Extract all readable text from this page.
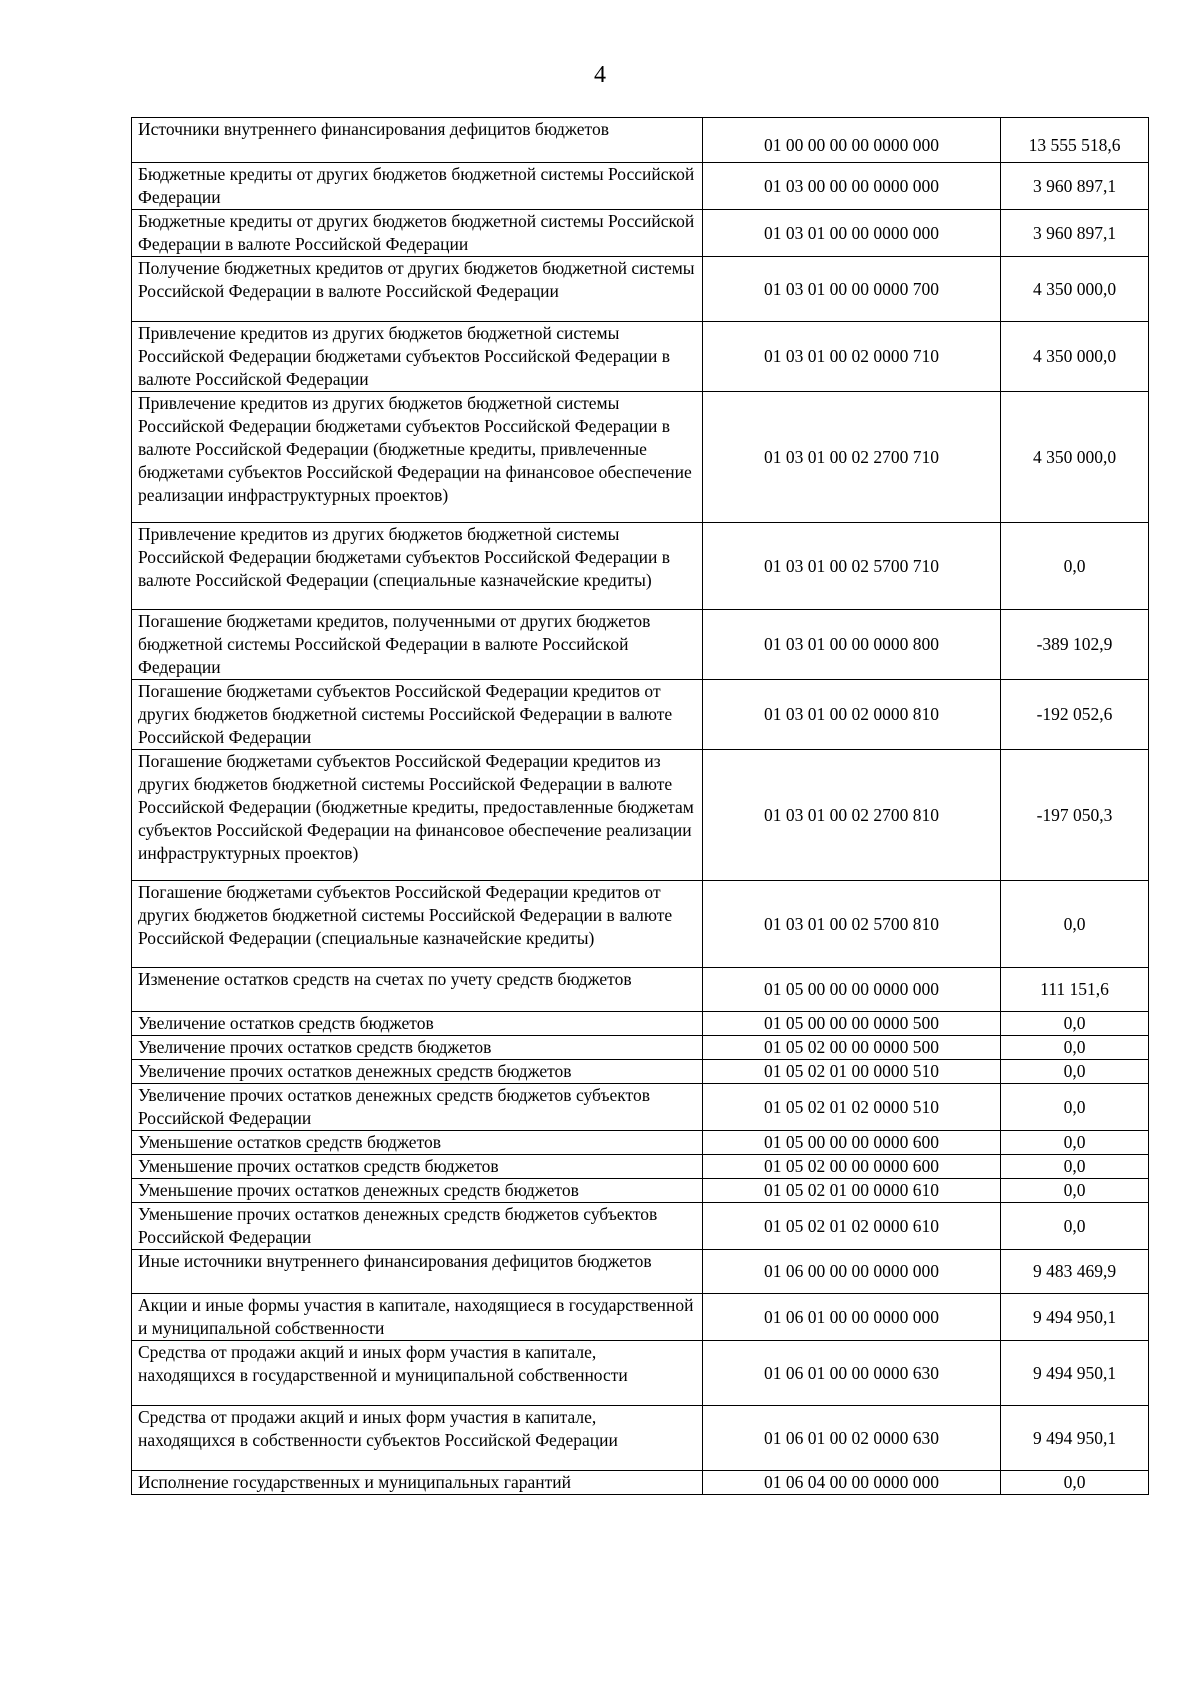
4
Источники внутреннего финансирования дефицитов бюджетов	01 00 00 00 00 0000 000	13 555 518,6
Бюджетные кредиты от других бюджетов бюджетной системы Российской Федерации	01 03 00 00 00 0000 000	3 960 897,1
Бюджетные кредиты от других бюджетов бюджетной системы Российской Федерации в валюте Российской Федерации	01 03 01 00 00 0000 000	3 960 897,1
Получение бюджетных кредитов от других бюджетов бюджетной системы Российской Федерации в валюте Российской Федерации	01 03 01 00 00 0000 700	4 350 000,0
Привлечение кредитов из других бюджетов бюджетной системы Российской Федерации бюджетами субъектов Российской Федерации в валюте Российской Федерации	01 03 01 00 02 0000 710	4 350 000,0
Привлечение кредитов из других бюджетов бюджетной системы Российской Федерации бюджетами субъектов Российской Федерации в валюте Российской Федерации (бюджетные кредиты, привлеченные бюджетами субъектов Российской Федерации на финансовое обеспечение реализации инфраструктурных проектов)	01 03 01 00 02 2700 710	4 350 000,0
Привлечение кредитов из других бюджетов бюджетной системы Российской Федерации бюджетами субъектов Российской Федерации в валюте Российской Федерации (специальные казначейские кредиты)	01 03 01 00 02 5700 710	0,0
Погашение бюджетами кредитов, полученными от других бюджетов бюджетной системы Российской Федерации в валюте Российской Федерации	01 03 01 00 00 0000 800	-389 102,9
Погашение бюджетами субъектов Российской Федерации кредитов от других бюджетов бюджетной системы Российской Федерации в валюте Российской Федерации	01 03 01 00 02 0000 810	-192 052,6
Погашение бюджетами субъектов Российской Федерации кредитов из других бюджетов бюджетной системы Российской Федерации в валюте Российской Федерации (бюджетные кредиты, предоставленные бюджетам субъектов Российской Федерации на финансовое обеспечение реализации инфраструктурных проектов)	01 03 01 00 02 2700 810	-197 050,3
Погашение бюджетами субъектов Российской Федерации кредитов от других бюджетов бюджетной системы Российской Федерации в валюте Российской Федерации (специальные казначейские кредиты)	01 03 01 00 02 5700 810	0,0
Изменение остатков средств на счетах по учету средств бюджетов	01 05 00 00 00 0000 000	111 151,6
Увеличение остатков средств бюджетов	01 05 00 00 00 0000 500	0,0
Увеличение прочих остатков средств бюджетов	01 05 02 00 00 0000 500	0,0
Увеличение прочих остатков денежных средств бюджетов	01 05 02 01 00 0000 510	0,0
Увеличение прочих остатков денежных средств бюджетов субъектов Российской Федерации	01 05 02 01 02 0000 510	0,0
Уменьшение остатков средств бюджетов	01 05 00 00 00 0000 600	0,0
Уменьшение прочих остатков средств бюджетов	01 05 02 00 00 0000 600	0,0
Уменьшение прочих остатков денежных средств бюджетов	01 05 02 01 00 0000 610	0,0
Уменьшение прочих остатков денежных средств бюджетов субъектов Российской Федерации	01 05 02 01 02 0000 610	0,0
Иные источники внутреннего финансирования дефицитов бюджетов	01 06 00 00 00 0000 000	9 483 469,9
Акции и иные формы участия в капитале, находящиеся в государственной и муниципальной собственности	01 06 01 00 00 0000 000	9 494 950,1
Средства от продажи акций и иных форм участия в капитале, находящихся в государственной и муниципальной собственности	01 06 01 00 00 0000 630	9 494 950,1
Средства от продажи акций и иных форм участия в капитале, находящихся в собственности субъектов Российской Федерации	01 06 01 00 02 0000 630	9 494 950,1
Исполнение государственных и муниципальных гарантий	01 06 04 00 00 0000 000	0,0
